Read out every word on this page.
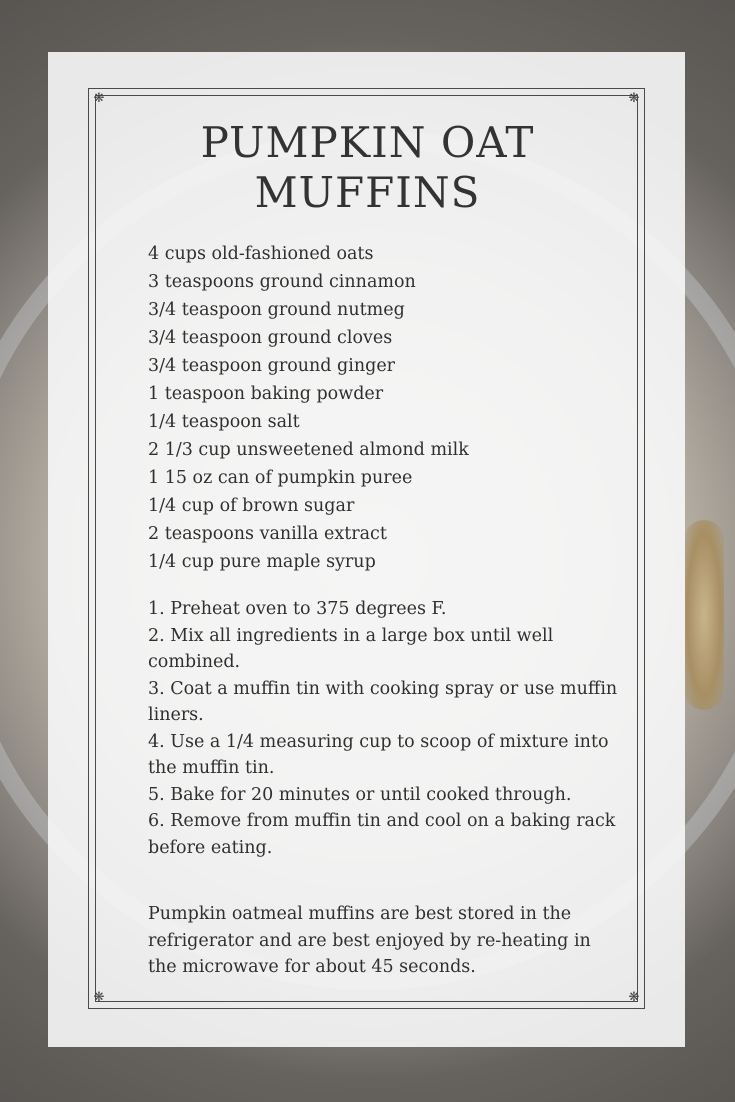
❋	❋
❋	❋
PUMPKIN OAT MUFFINS
4 cups old-fashioned oats
3 teaspoons ground cinnamon
3/4 teaspoon ground nutmeg
3/4 teaspoon ground cloves
3/4 teaspoon ground ginger
1 teaspoon baking powder
1/4 teaspoon salt
2 1/3 cup unsweetened almond milk
1 15 oz can of pumpkin puree
1/4 cup of brown sugar
2 teaspoons vanilla extract
1/4 cup pure maple syrup
1. Preheat oven to 375 degrees F.
2. Mix all ingredients in a large box until well combined.
3. Coat a muffin tin with cooking spray or use muffin liners.
4. Use a 1/4 measuring cup to scoop of mixture into the muffin tin.
5. Bake for 20 minutes or until cooked through.
6. Remove from muffin tin and cool on a baking rack before eating.

Pumpkin oatmeal muffins are best stored in the refrigerator and are best enjoyed by re-heating in the microwave for about 45 seconds.
